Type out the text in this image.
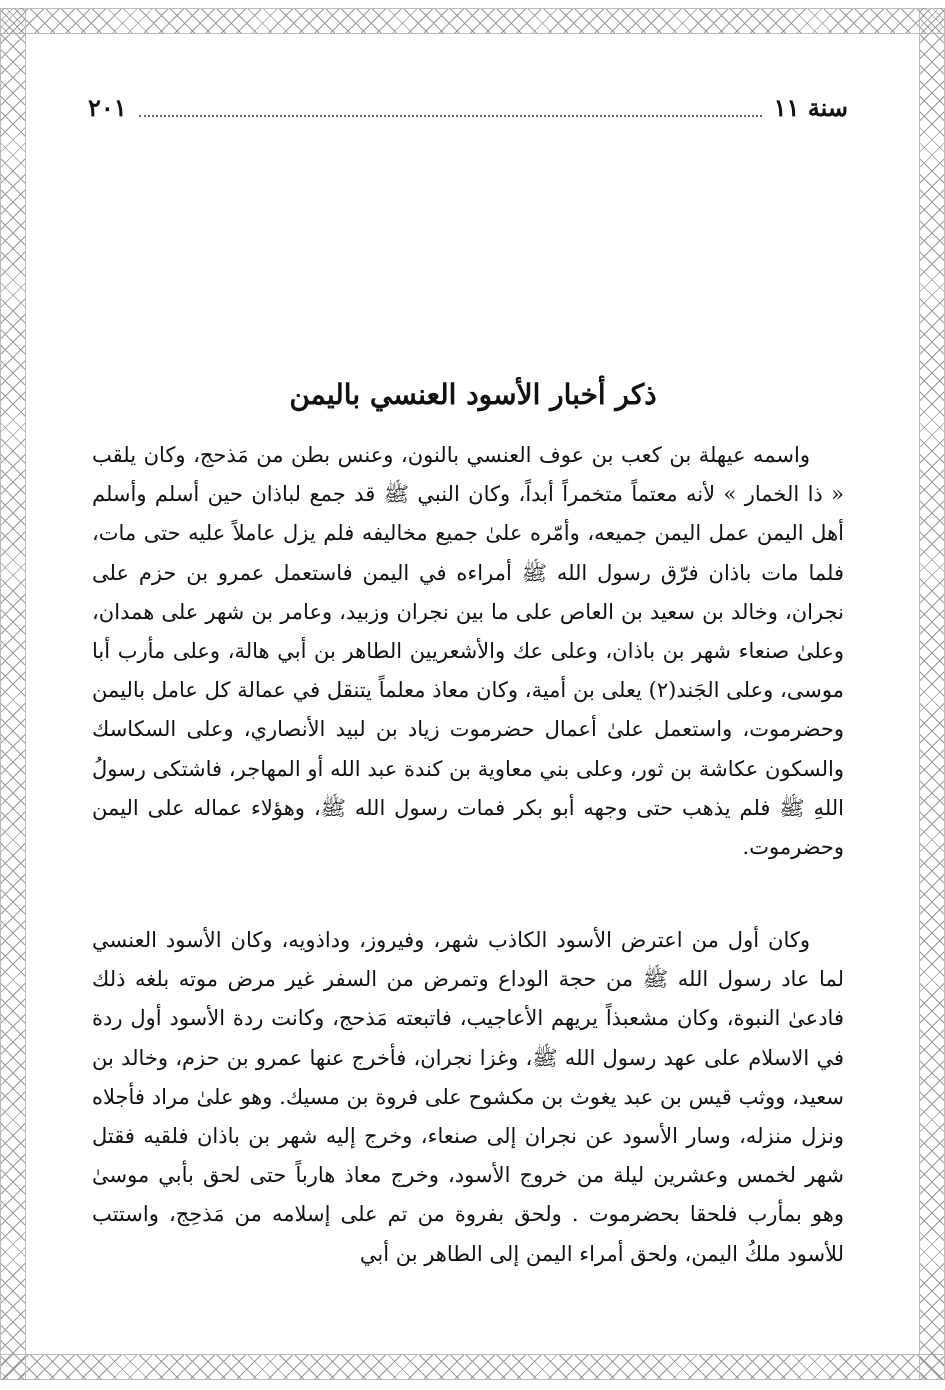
سنة ١١
٢٠١
ذكر أخبار الأسود العنسي باليمن

واسمه عيهلة بن كعب بن عوف العنسي بالنون، وعنس بطن من مَذحج، وكان يلقب « ذا الخمار » لأنه معتماً متخمراً أبداً، وكان النبي ﷺ قد جمع لباذان حين أسلم وأسلم أهل اليمن عمل اليمن جميعه، وأمّره علىٰ جميع مخاليفه فلم يزل عاملاً عليه حتى مات، فلما مات باذان فرّق رسول الله ﷺ أمراءه في اليمن فاستعمل عمرو بن حزم على نجران، وخالد بن سعيد بن العاص على ما بين نجران وزبيد، وعامر بن شهر على همدان، وعلىٰ صنعاء شهر بن باذان، وعلى عك والأشعريين الطاهر بن أبي هالة، وعلى مأرب أبا موسى، وعلى الجَند(٢) يعلى بن أمية، وكان معاذ معلماً يتنقل في عمالة كل عامل باليمن وحضرموت، واستعمل علىٰ أعمال حضرموت زياد بن لبيد الأنصاري، وعلى السكاسك والسكون عكاشة بن ثور، وعلى بني معاوية بن كندة عبد الله أو المهاجر، فاشتكى رسولُ اللهِ ﷺ فلم يذهب حتى وجهه أبو بكر فمات رسول الله ﷺ، وهؤلاء عماله على اليمن وحضرموت.

وكان أول من اعترض الأسود الكاذب شهر، وفيروز، وداذويه، وكان الأسود العنسي لما عاد رسول الله ﷺ من حجة الوداع وتمرض من السفر غير مرض موته بلغه ذلك فادعىٰ النبوة، وكان مشعبذاً يريهم الأعاجيب، فاتبعته مَذحج، وكانت ردة الأسود أول ردة في الاسلام على عهد رسول الله ﷺ، وغزا نجران، فأخرج عنها عمرو بن حزم، وخالد بن سعيد، ووثب قيس بن عبد يغوث بن مكشوح على فروة بن مسيك. وهو علىٰ مراد فأجلاه ونزل منزله، وسار الأسود عن نجران إلى صنعاء، وخرج إليه شهر بن باذان فلقيه فقتل شهر لخمس وعشرين ليلة من خروج الأسود، وخرج معاذ هارباً حتى لحق بأبي موسىٰ وهو بمأرب فلحقا بحضرموت . ولحق بفروة من تم على إسلامه من مَذحِج، واستتب للأسود ملكُ اليمن، ولحق أمراء اليمن إلى الطاهر بن أبي
